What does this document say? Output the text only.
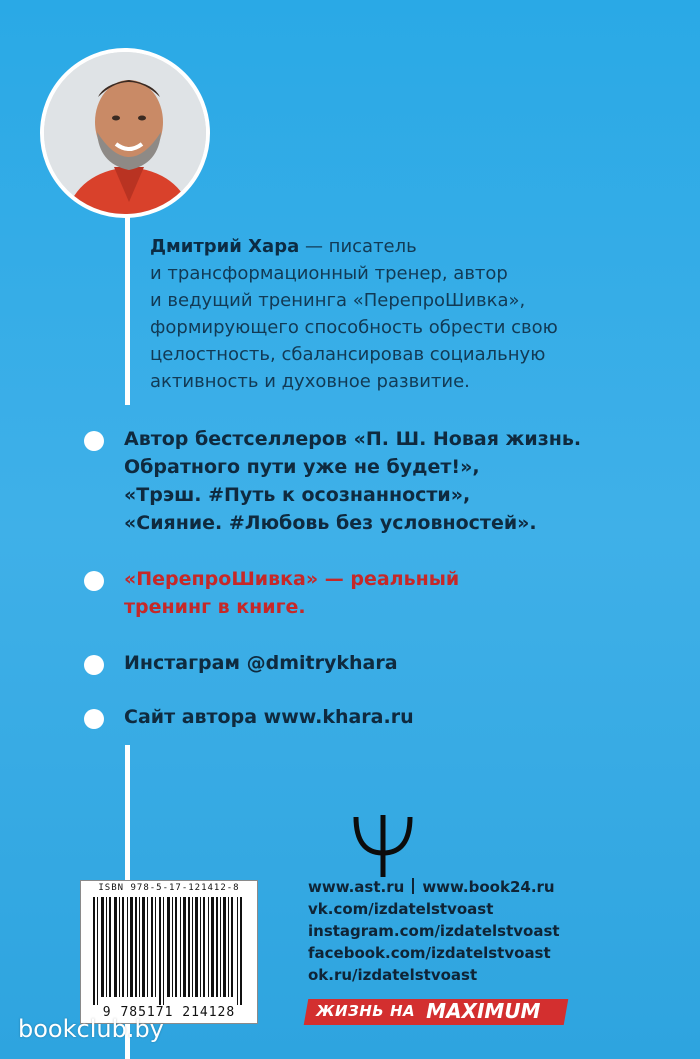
Дмитрий Хара — писатель
и трансформационный тренер, автор
и ведущий тренинга «ПерепроШивка»,
формирующего способность обрести свою
целостность, сбалансировав социальную
активность и духовное развитие.
Автор бестселлеров «П. Ш. Новая жизнь.
Обратного пути уже не будет!»,
«Трэш. #Путь к осознанности»,
«Сияние. #Любовь без условностей».
«ПерепроШивка» — реальный
тренинг в книге.
Инстаграм @dmitrykhara
Сайт автора www.khara.ru
ISBN 978-5-17-121412-8
9 785171 214128
www.ast.ru www.book24.ru
vk.com/izdatelstvoast
instagram.com/izdatelstvoast
facebook.com/izdatelstvoast
ok.ru/izdatelstvoast
ЖИЗНЬ НА MAXIMUM
bookclub.by
